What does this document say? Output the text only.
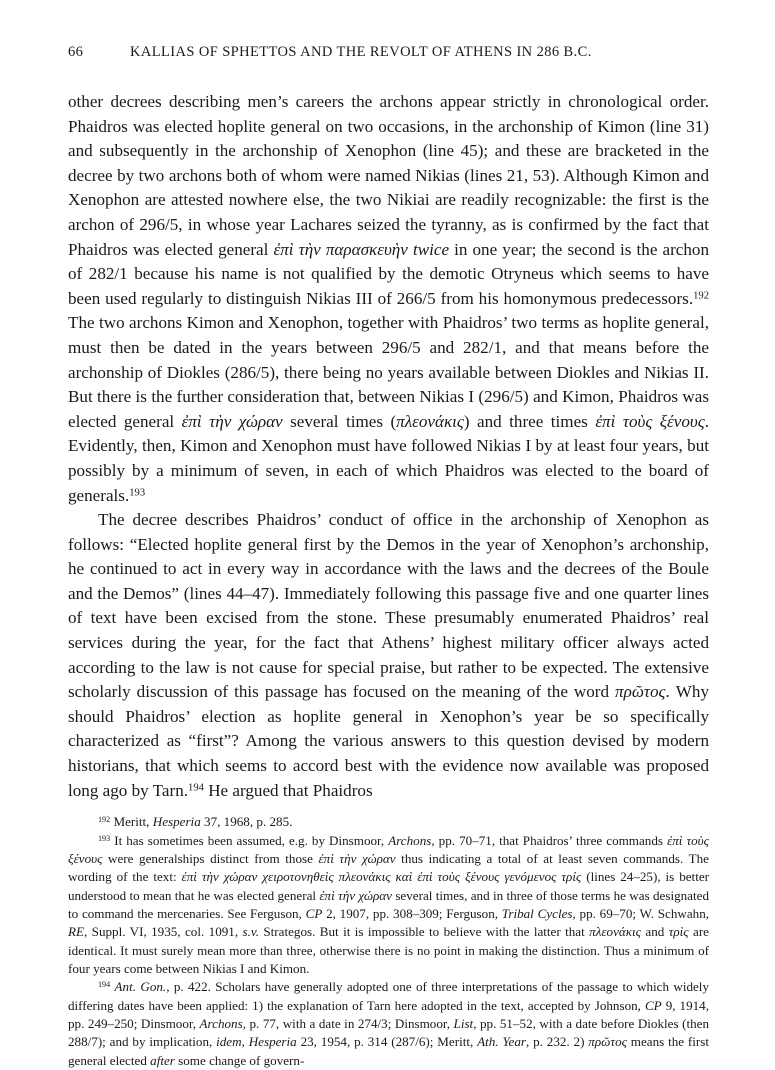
66	KALLIAS OF SPHETTOS AND THE REVOLT OF ATHENS IN 286 B.C.

other decrees describing men’s careers the archons appear strictly in chronological order. Phaidros was elected hoplite general on two occasions, in the archonship of Kimon (line 31) and subsequently in the archonship of Xenophon (line 45); and these are bracketed in the decree by two archons both of whom were named Nikias (lines 21, 53). Although Kimon and Xenophon are attested nowhere else, the two Nikiai are readily recognizable: the first is the archon of 296/5, in whose year Lachares seized the tyranny, as is confirmed by the fact that Phaidros was elected general ἐπὶ τὴν παρασκευὴν twice in one year; the second is the archon of 282/1 because his name is not qualified by the demotic Otryneus which seems to have been used regularly to distinguish Nikias III of 266/5 from his homonymous predecessors.$^{192}$ The two archons Kimon and Xenophon, together with Phaidros’ two terms as hoplite general, must then be dated in the years between 296/5 and 282/1, and that means before the archonship of Diokles (286/5), there being no years available between Diokles and Nikias II. But there is the further consideration that, between Nikias I (296/5) and Kimon, Phaidros was elected general ἐπὶ τὴν χώραν several times (πλεονάκις) and three times ἐπὶ τοὺς ξένους. Evidently, then, Kimon and Xenophon must have followed Nikias I by at least four years, but possibly by a minimum of seven, in each of which Phaidros was elected to the board of generals.$^{193}$

The decree describes Phaidros’ conduct of office in the archonship of Xenophon as follows: “Elected hoplite general first by the Demos in the year of Xenophon’s archonship, he continued to act in every way in accordance with the laws and the decrees of the Boule and the Demos” (lines 44–47). Immediately following this passage five and one quarter lines of text have been excised from the stone. These presumably enumerated Phaidros’ real services during the year, for the fact that Athens’ highest military officer always acted according to the law is not cause for special praise, but rather to be expected. The extensive scholarly discussion of this passage has focused on the meaning of the word πρῶτος. Why should Phaidros’ election as hoplite general in Xenophon’s year be so specifically characterized as “first”? Among the various answers to this question devised by modern historians, that which seems to accord best with the evidence now available was proposed long ago by Tarn.$^{194}$ He argued that Phaidros

$^{192}$ Meritt, Hesperia 37, 1968, p. 285.

$^{193}$ It has sometimes been assumed, e.g. by Dinsmoor, Archons, pp. 70–71, that Phaidros’ three commands ἐπὶ τοὺς ξένους were generalships distinct from those ἐπὶ τὴν χώραν thus indicating a total of at least seven commands. The wording of the text: ἐπὶ τὴν χώραν χειροτονηθεὶς πλεονάκις καὶ ἐπὶ τοὺς ξένους γενόμενος τρίς (lines 24–25), is better understood to mean that he was elected general ἐπὶ τὴν χώραν several times, and in three of those terms he was designated to command the mercenaries. See Ferguson, CP 2, 1907, pp. 308–309; Ferguson, Tribal Cycles, pp. 69–70; W. Schwahn, RE, Suppl. VI, 1935, col. 1091, s.v. Strategos. But it is impossible to believe with the latter that πλεονάκις and τρὶς are identical. It must surely mean more than three, otherwise there is no point in making the distinction. Thus a minimum of four years come between Nikias I and Kimon.

$^{194}$ Ant. Gon., p. 422. Scholars have generally adopted one of three interpretations of the passage to which widely differing dates have been applied: 1) the explanation of Tarn here adopted in the text, accepted by Johnson, CP 9, 1914, pp. 249–250; Dinsmoor, Archons, p. 77, with a date in 274/3; Dinsmoor, List, pp. 51–52, with a date before Diokles (then 288/7); and by implication, idem, Hesperia 23, 1954, p. 314 (287/6); Meritt, Ath. Year, p. 232. 2) πρῶτος means the first general elected after some change of govern-
